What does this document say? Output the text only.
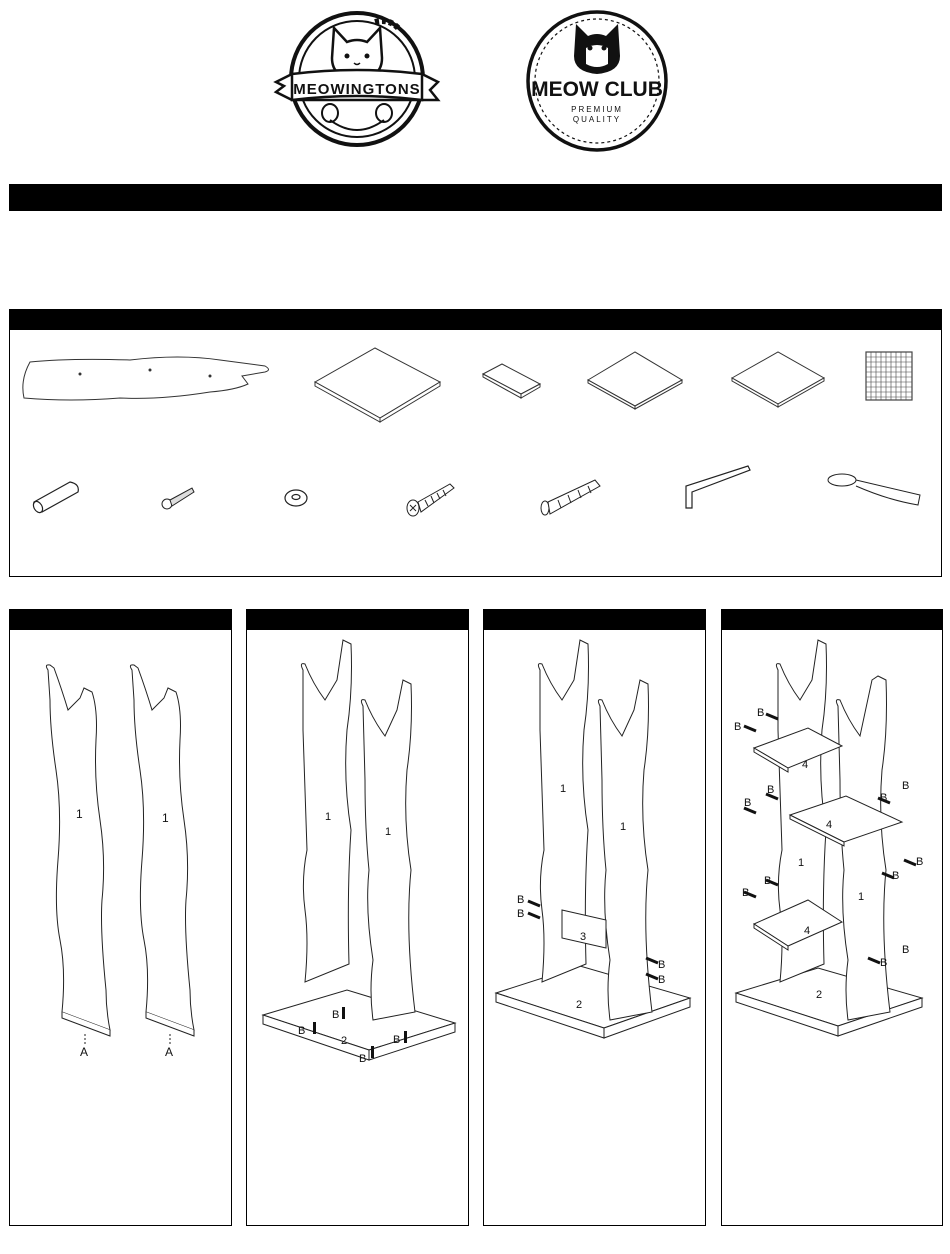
MEOWINGTONS	MEOW CLUB
PREMIUM
QUALITY
1	1
A	A
1
1
2
B
B
B
B
1
1
3
2
B
B
B
B
4
4
4
1
1
2
B
B
B
B
B	B
B
B
B
B
B
B
